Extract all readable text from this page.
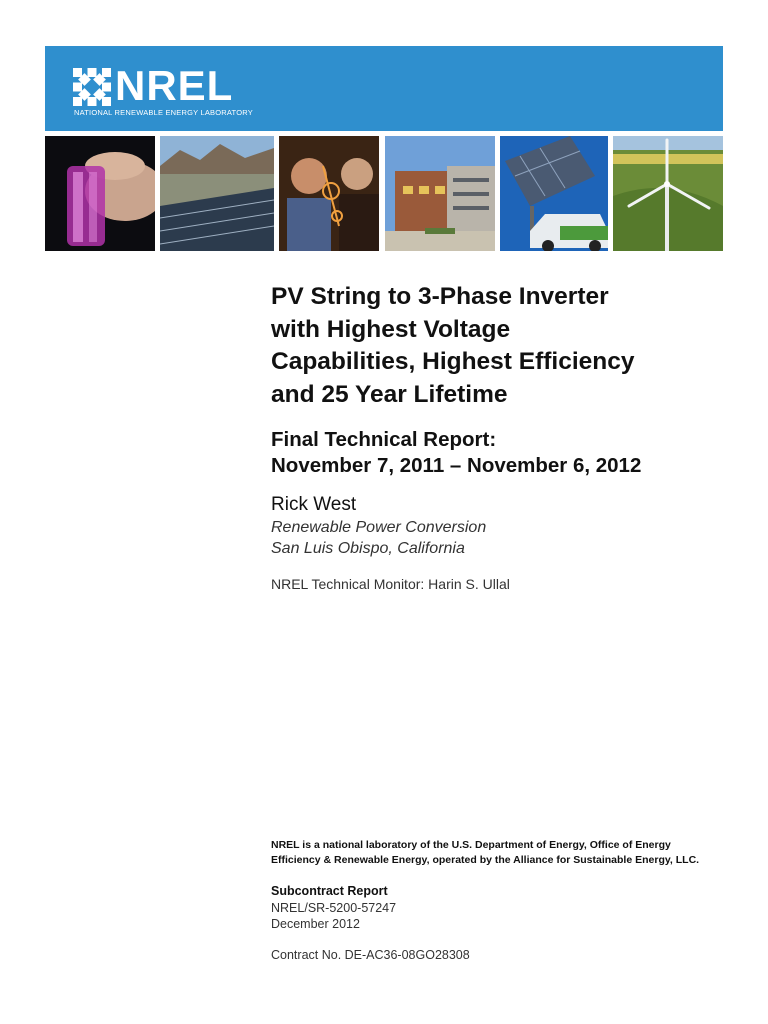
NREL
NATIONAL RENEWABLE ENERGY LABORATORY
PV String to 3-Phase Inverter
with Highest Voltage
Capabilities, Highest Efficiency
and 25 Year Lifetime
Final Technical Report:
November 7, 2011 – November 6, 2012
Rick West
Renewable Power Conversion
San Luis Obispo, California
NREL Technical Monitor: Harin S. Ullal
NREL is a national laboratory of the U.S. Department of Energy, Office of Energy
Efficiency & Renewable Energy, operated by the Alliance for Sustainable Energy, LLC.
Subcontract Report
NREL/SR-5200-57247
December 2012
Contract No. DE-AC36-08GO28308
